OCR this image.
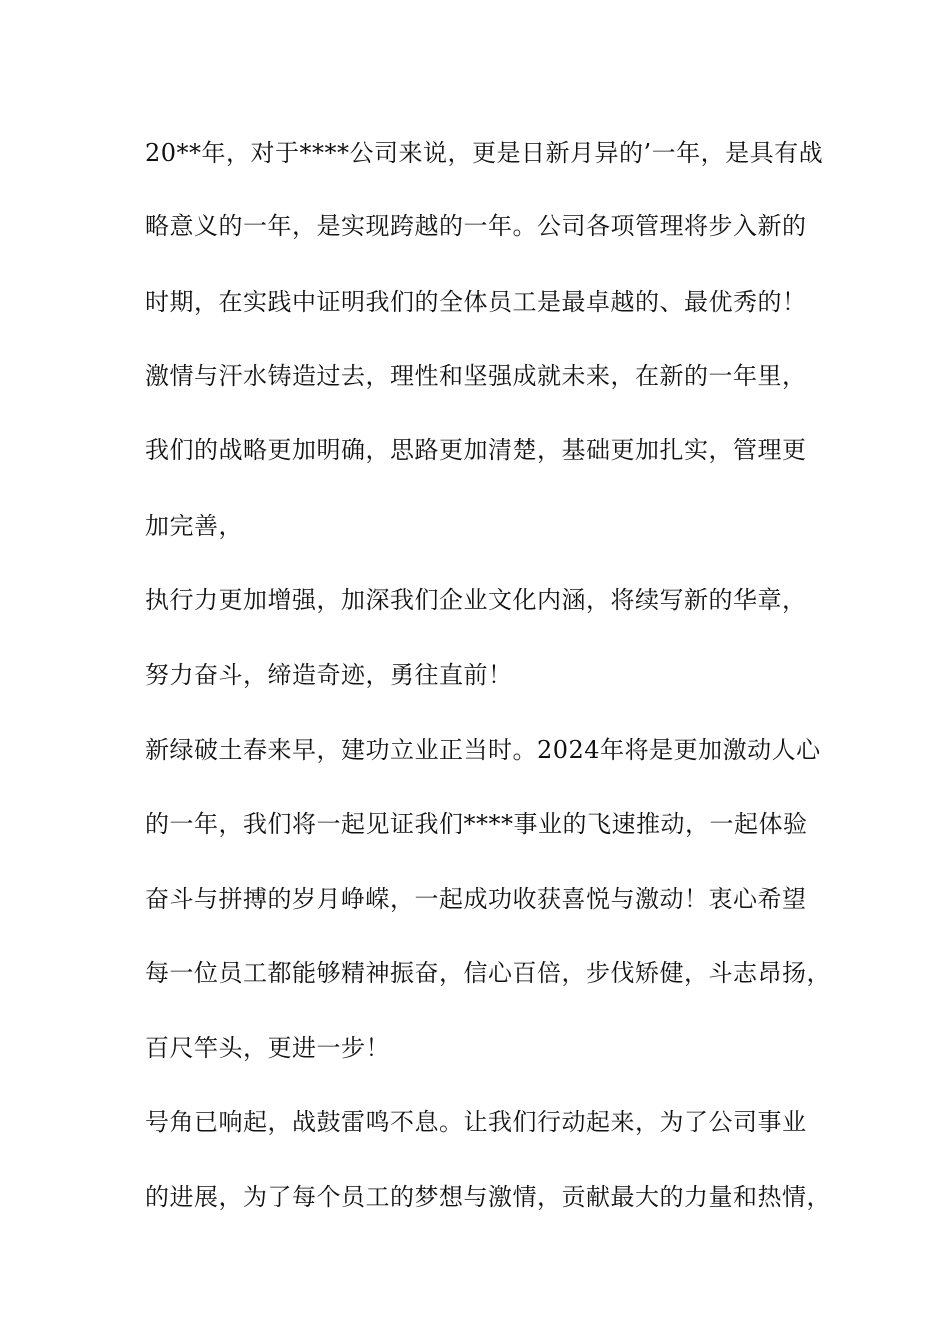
20**年，对于****公司来说，更是日新月异的’一年，是具有战
略意义的一年，是实现跨越的一年。公司各项管理将步入新的
时期，在实践中证明我们的全体员工是最卓越的、最优秀的！
激情与汗水铸造过去，理性和坚强成就未来，在新的一年里，
我们的战略更加明确，思路更加清楚，基础更加扎实，管理更
加完善，
执行力更加增强，加深我们企业文化内涵，将续写新的华章，
努力奋斗，缔造奇迹，勇往直前！
新绿破土春来早，建功立业正当时。2024年将是更加激动人心
的一年，我们将一起见证我们****事业的飞速推动，一起体验
奋斗与拼搏的岁月峥嵘，一起成功收获喜悦与激动！衷心希望
每一位员工都能够精神振奋，信心百倍，步伐矫健，斗志昂扬，
百尺竿头，更进一步！
号角已响起，战鼓雷鸣不息。让我们行动起来，为了公司事业
的进展，为了每个员工的梦想与激情，贡献最大的力量和热情，
